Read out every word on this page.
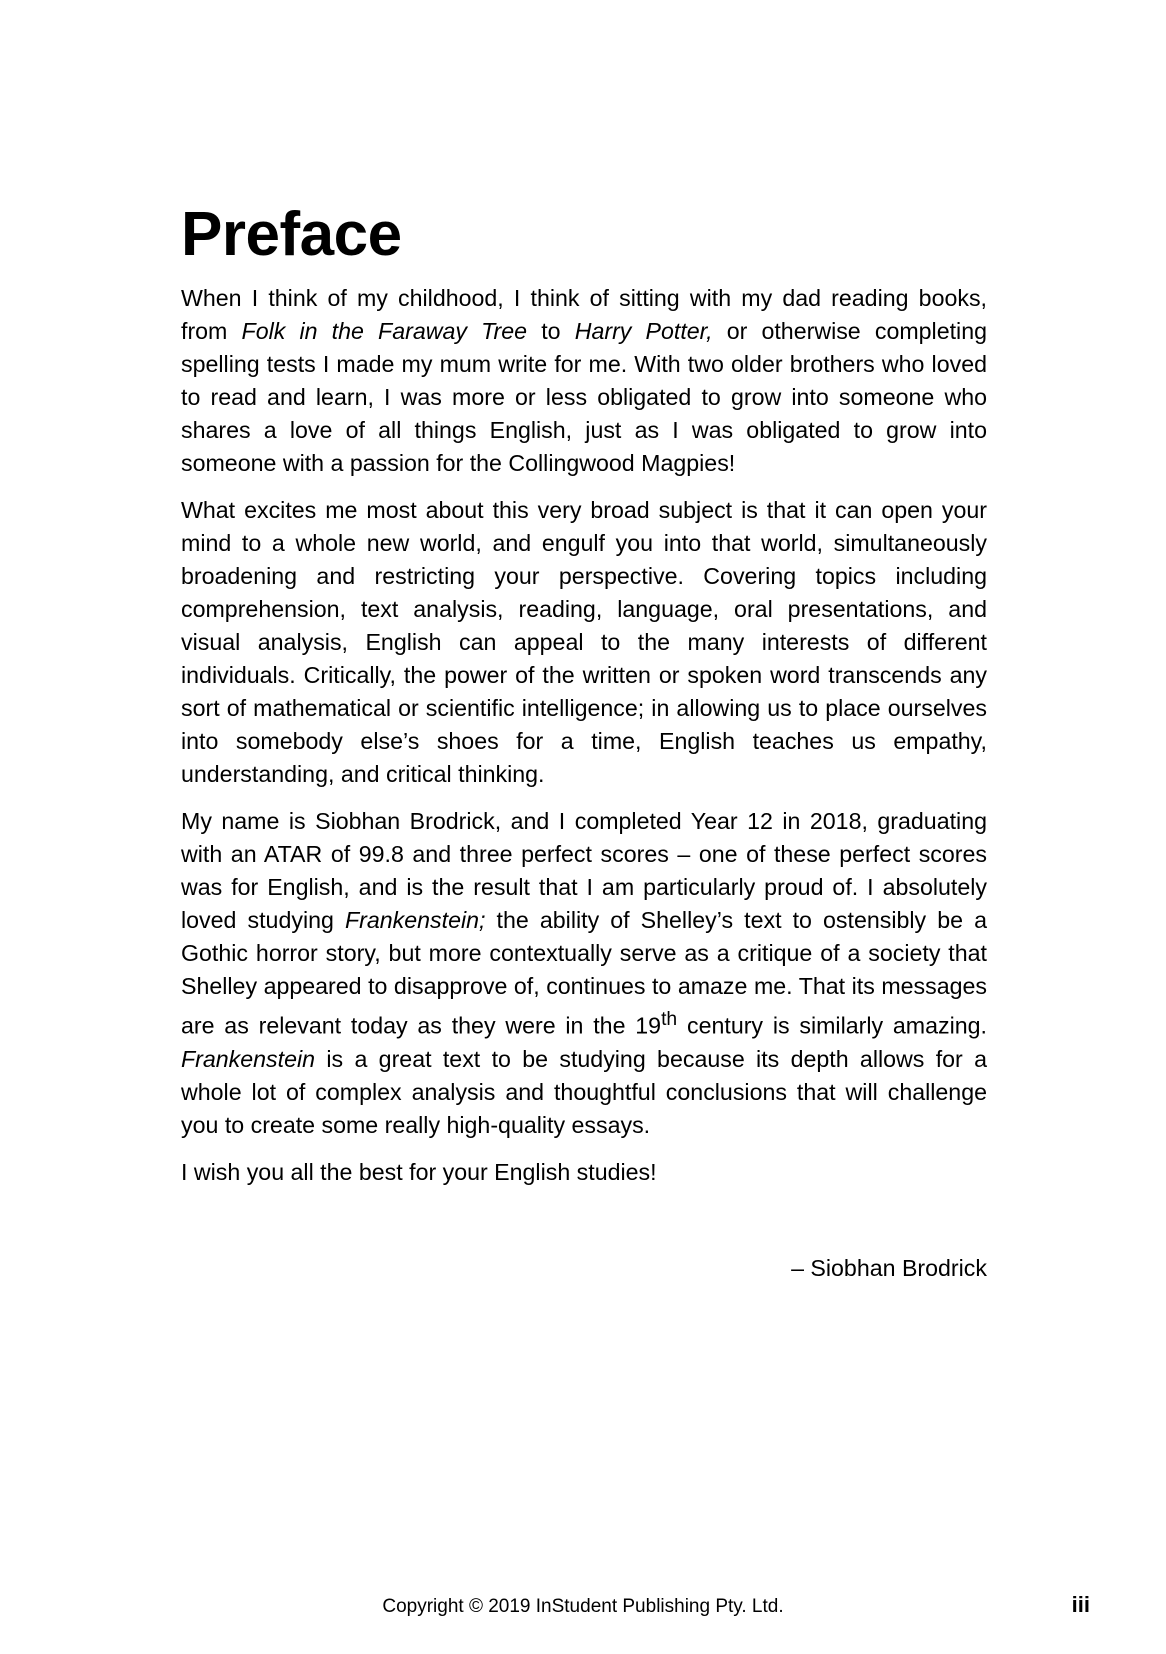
Preface

When I think of my childhood, I think of sitting with my dad reading books, from Folk in the Faraway Tree to Harry Potter, or otherwise completing spelling tests I made my mum write for me. With two older brothers who loved to read and learn, I was more or less obligated to grow into someone who shares a love of all things English, just as I was obligated to grow into someone with a passion for the Collingwood Magpies!

What excites me most about this very broad subject is that it can open your mind to a whole new world, and engulf you into that world, simultaneously broadening and restricting your perspective. Covering topics including comprehension, text analysis, reading, language, oral presentations, and visual analysis, English can appeal to the many interests of different individuals. Critically, the power of the written or spoken word transcends any sort of mathematical or scientific intelligence; in allowing us to place ourselves into somebody else’s shoes for a time, English teaches us empathy, understanding, and critical thinking.

My name is Siobhan Brodrick, and I completed Year 12 in 2018, graduating with an ATAR of 99.8 and three perfect scores – one of these perfect scores was for English, and is the result that I am particularly proud of. I absolutely loved studying Frankenstein; the ability of Shelley’s text to ostensibly be a Gothic horror story, but more contextually serve as a critique of a society that Shelley appeared to disapprove of, continues to amaze me. That its messages are as relevant today as they were in the 19th century is similarly amazing. Frankenstein is a great text to be studying because its depth allows for a whole lot of complex analysis and thoughtful conclusions that will challenge you to create some really high-quality essays.

I wish you all the best for your English studies!

– Siobhan Brodrick
Copyright © 2019 InStudent Publishing Pty. Ltd.	iii
